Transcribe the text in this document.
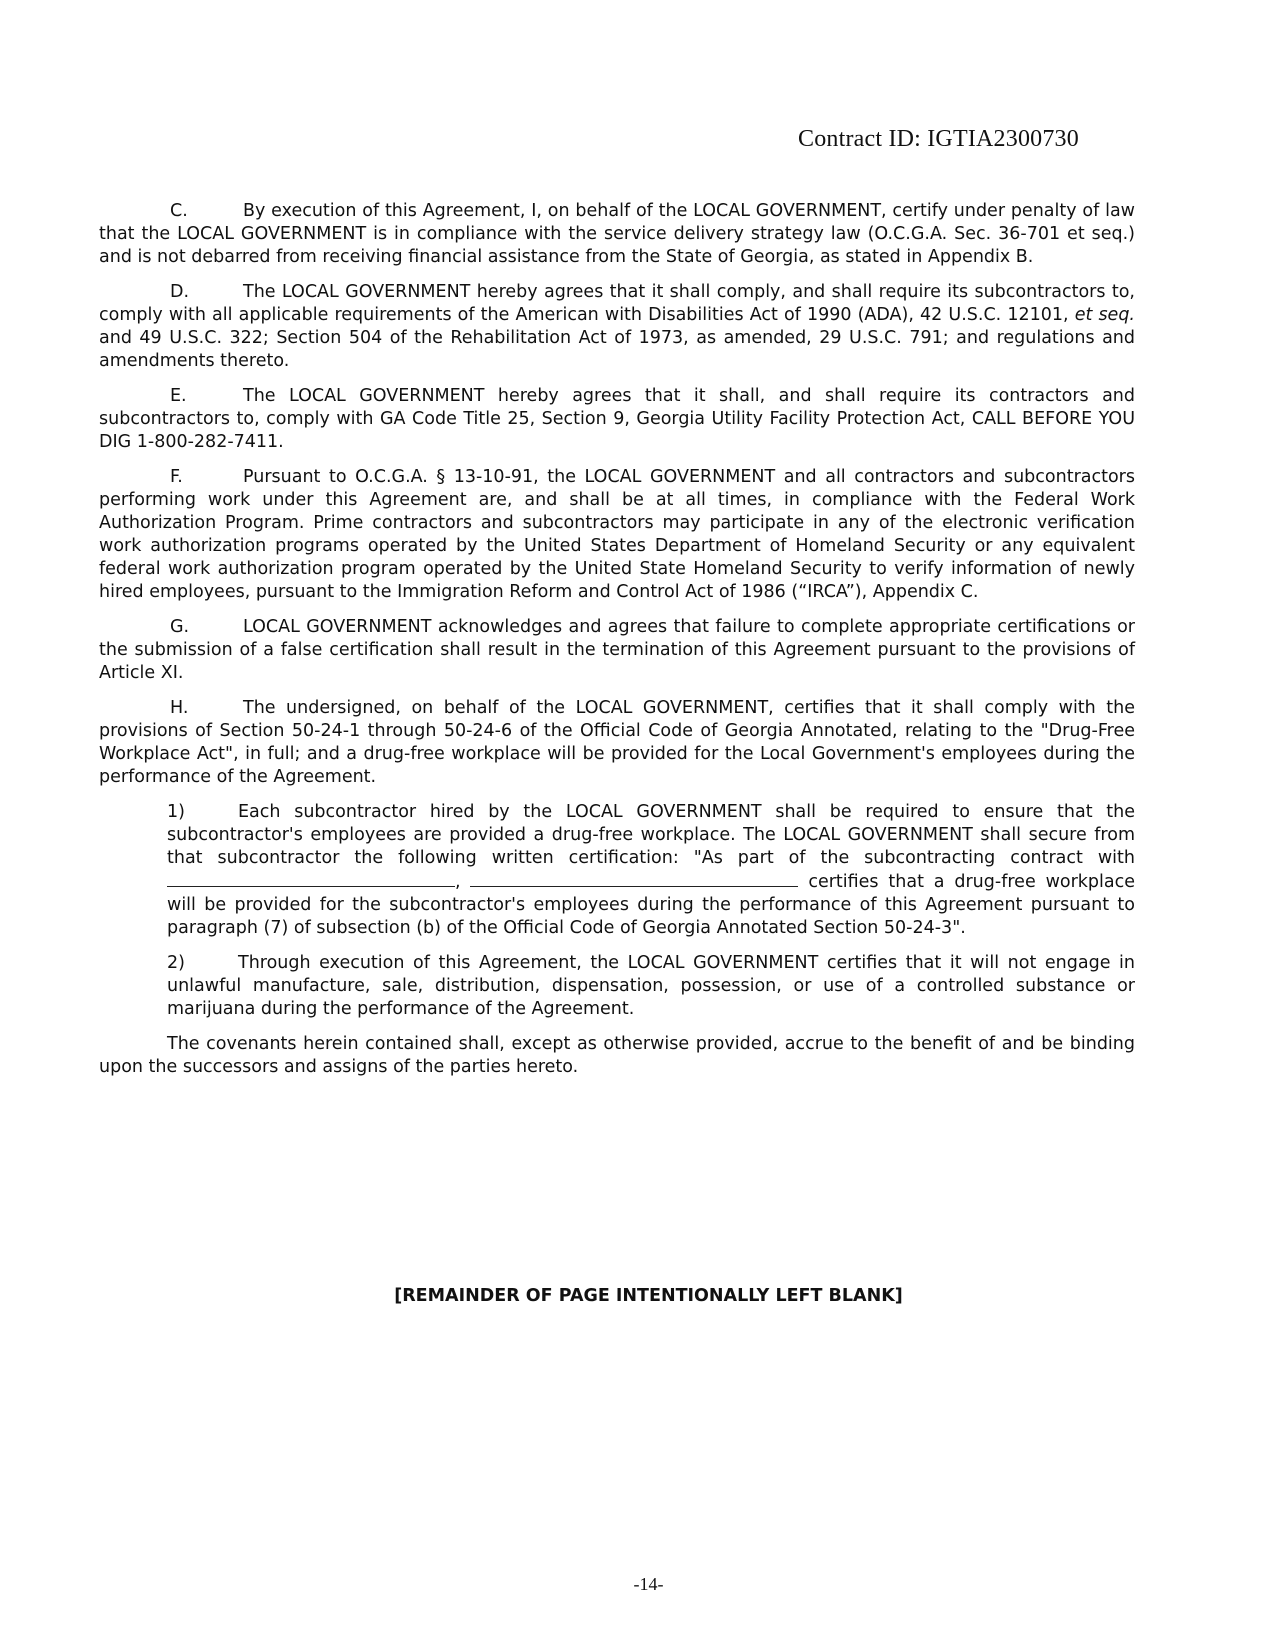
Contract ID: IGTIA2300730

C.	By execution of this Agreement, I, on behalf of the LOCAL GOVERNMENT, certify under penalty of law that the LOCAL GOVERNMENT is in compliance with the service delivery strategy law (O.C.G.A. Sec. 36-701 et seq.) and is not debarred from receiving financial assistance from the State of Georgia, as stated in Appendix B.

D.	The LOCAL GOVERNMENT hereby agrees that it shall comply, and shall require its subcontractors to, comply with all applicable requirements of the American with Disabilities Act of 1990 (ADA), 42 U.S.C. 12101, et seq. and 49 U.S.C. 322; Section 504 of the Rehabilitation Act of 1973, as amended, 29 U.S.C. 791; and regulations and amendments thereto.

E.	The LOCAL GOVERNMENT hereby agrees that it shall, and shall require its contractors and subcontractors to, comply with GA Code Title 25, Section 9, Georgia Utility Facility Protection Act, CALL BEFORE YOU DIG 1-800-282-7411.

F.	Pursuant to O.C.G.A. § 13-10-91, the LOCAL GOVERNMENT and all contractors and subcontractors performing work under this Agreement are, and shall be at all times, in compliance with the Federal Work Authorization Program. Prime contractors and subcontractors may participate in any of the electronic verification work authorization programs operated by the United States Department of Homeland Security or any equivalent federal work authorization program operated by the United State Homeland Security to verify information of newly hired employees, pursuant to the Immigration Reform and Control Act of 1986 (“IRCA”), Appendix C.

G.	LOCAL GOVERNMENT acknowledges and agrees that failure to complete appropriate certifications or the submission of a false certification shall result in the termination of this Agreement pursuant to the provisions of Article XI.

H.	The undersigned, on behalf of the LOCAL GOVERNMENT, certifies that it shall comply with the provisions of Section 50-24-1 through 50-24-6 of the Official Code of Georgia Annotated, relating to the "Drug-Free Workplace Act", in full; and a drug-free workplace will be provided for the Local Government's employees during the performance of the Agreement.

1)	Each subcontractor hired by the LOCAL GOVERNMENT shall be required to ensure that the subcontractor's employees are provided a drug-free workplace. The LOCAL GOVERNMENT shall secure from that subcontractor the following written certification: "As part of the subcontracting contract with ,	certifies that a drug-free workplace will be provided for the subcontractor's employees during the performance of this Agreement pursuant to paragraph (7) of subsection (b) of the Official Code of Georgia Annotated Section 50-24-3".

2)	Through execution of this Agreement, the LOCAL GOVERNMENT certifies that it will not engage in unlawful manufacture, sale, distribution, dispensation, possession, or use of a controlled substance or marijuana during the performance of the Agreement.

The covenants herein contained shall, except as otherwise provided, accrue to the benefit of and be binding upon the successors and assigns of the parties hereto.

[REMAINDER OF PAGE INTENTIONALLY LEFT BLANK]
-14-
